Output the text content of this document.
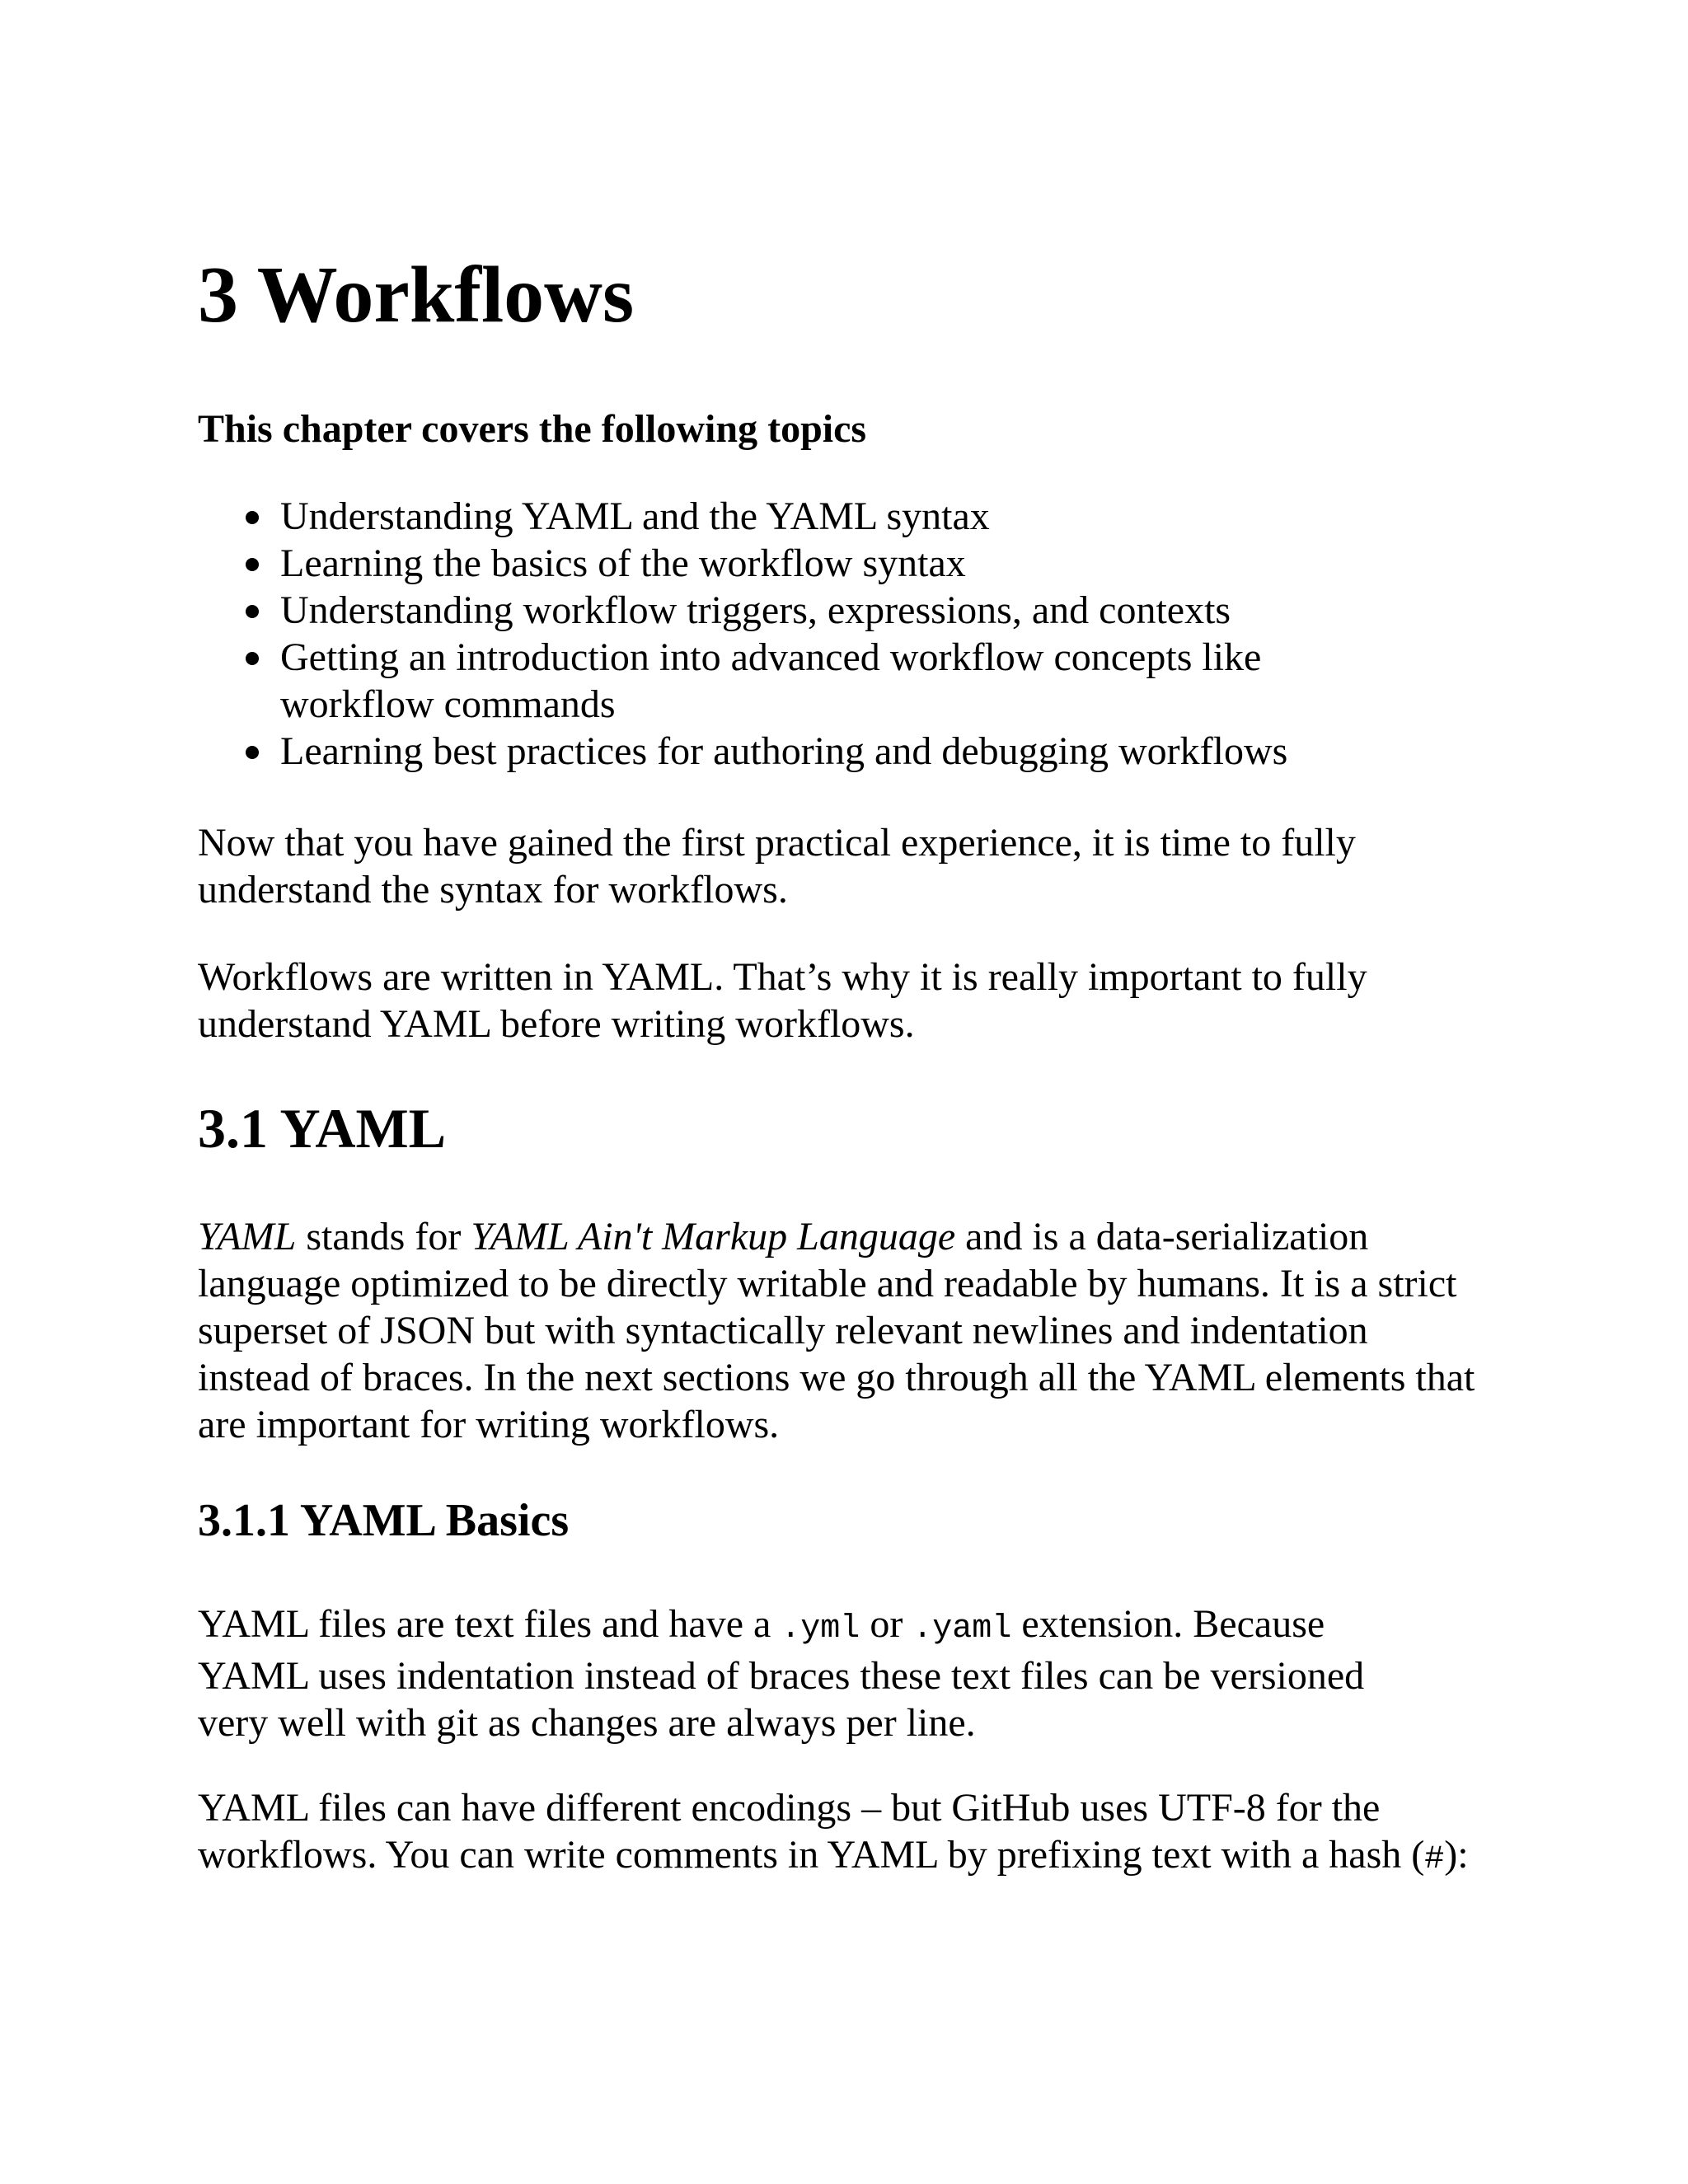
3 Workflows
This chapter covers the following topics
Understanding YAML and the YAML syntax
Learning the basics of the workflow syntax
Understanding workflow triggers, expressions, and contexts
Getting an introduction into advanced workflow concepts like workflow commands
Learning best practices for authoring and debugging workflows

Now that you have gained the first practical experience, it is time to fully understand the syntax for workflows.

Workflows are written in YAML. That’s why it is really important to fully understand YAML before writing workflows.

3.1 YAML

YAML stands for YAML Ain't Markup Language and is a data-serialization language optimized to be directly writable and readable by humans. It is a strict superset of JSON but with syntactically relevant newlines and indentation instead of braces. In the next sections we go through all the YAML elements that are important for writing workflows.

3.1.1 YAML Basics

YAML files are text files and have a .yml or .yaml extension. Because YAML uses indentation instead of braces these text files can be versioned very well with git as changes are always per line.

YAML files can have different encodings – but GitHub uses UTF-8 for the workflows. You can write comments in YAML by prefixing text with a hash (#):
